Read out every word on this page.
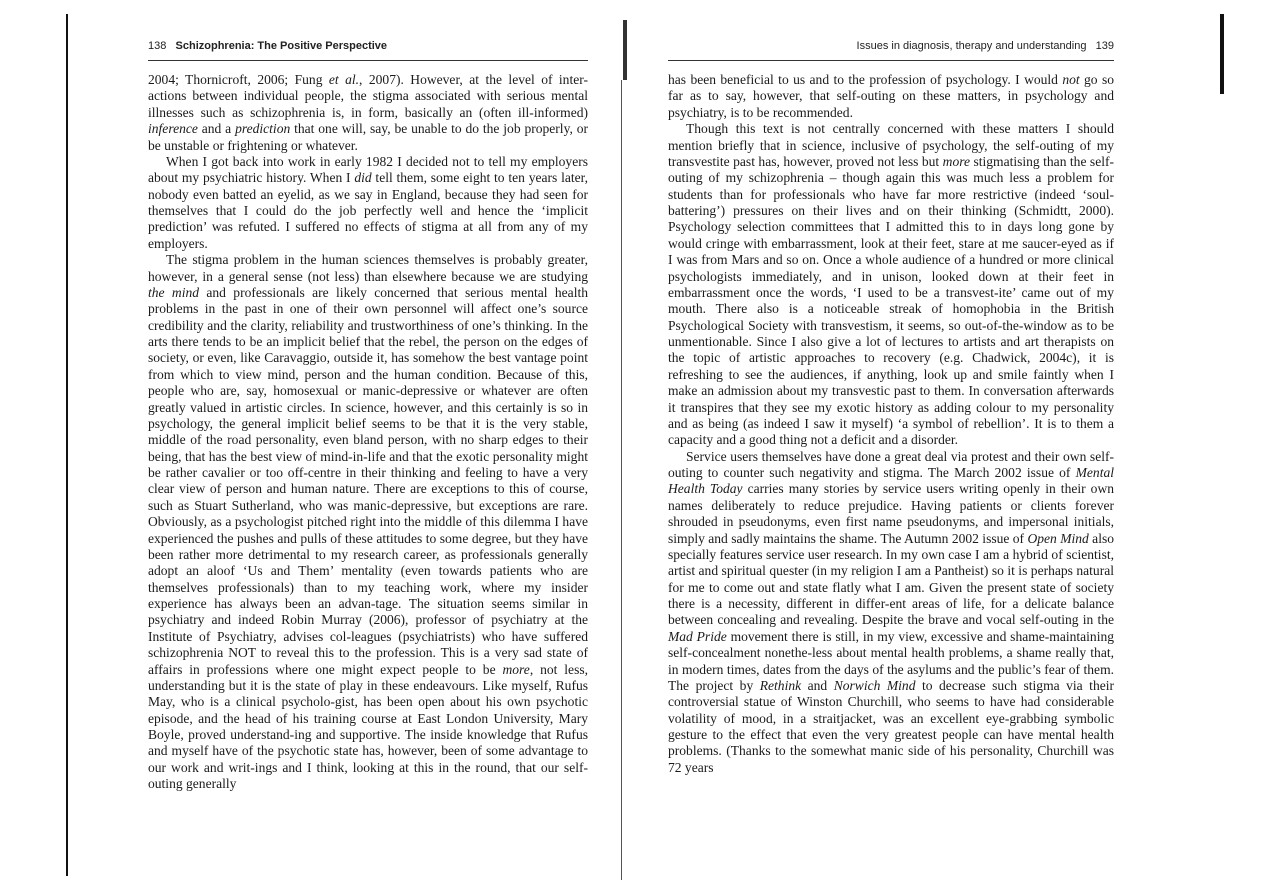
138 Schizophrenia: The Positive Perspective

2004; Thornicroft, 2006; Fung et al., 2007). However, at the level of inter-actions between individual people, the stigma associated with serious mental illnesses such as schizophrenia is, in form, basically an (often ill-informed) inference and a prediction that one will, say, be unable to do the job properly, or be unstable or frightening or whatever.

When I got back into work in early 1982 I decided not to tell my employers about my psychiatric history. When I did tell them, some eight to ten years later, nobody even batted an eyelid, as we say in England, because they had seen for themselves that I could do the job perfectly well and hence the ‘implicit prediction’ was refuted. I suffered no effects of stigma at all from any of my employers.

The stigma problem in the human sciences themselves is probably greater, however, in a general sense (not less) than elsewhere because we are studying the mind and professionals are likely concerned that serious mental health problems in the past in one of their own personnel will affect one’s source credibility and the clarity, reliability and trustworthiness of one’s thinking. In the arts there tends to be an implicit belief that the rebel, the person on the edges of society, or even, like Caravaggio, outside it, has somehow the best vantage point from which to view mind, person and the human condition. Because of this, people who are, say, homosexual or manic-depressive or whatever are often greatly valued in artistic circles. In science, however, and this certainly is so in psychology, the general implicit belief seems to be that it is the very stable, middle of the road personality, even bland person, with no sharp edges to their being, that has the best view of mind-in-life and that the exotic personality might be rather cavalier or too off-centre in their thinking and feeling to have a very clear view of person and human nature. There are exceptions to this of course, such as Stuart Sutherland, who was manic-depressive, but exceptions are rare. Obviously, as a psychologist pitched right into the middle of this dilemma I have experienced the pushes and pulls of these attitudes to some degree, but they have been rather more detrimental to my research career, as professionals generally adopt an aloof ‘Us and Them’ mentality (even towards patients who are themselves professionals) than to my teaching work, where my insider experience has always been an advan-tage. The situation seems similar in psychiatry and indeed Robin Murray (2006), professor of psychiatry at the Institute of Psychiatry, advises col-leagues (psychiatrists) who have suffered schizophrenia NOT to reveal this to the profession. This is a very sad state of affairs in professions where one might expect people to be more, not less, understanding but it is the state of play in these endeavours. Like myself, Rufus May, who is a clinical psycholo-gist, has been open about his own psychotic episode, and the head of his training course at East London University, Mary Boyle, proved understand-ing and supportive. The inside knowledge that Rufus and myself have of the psychotic state has, however, been of some advantage to our work and writ-ings and I think, looking at this in the round, that our self-outing generally

Issues in diagnosis, therapy and understanding 139

has been beneficial to us and to the profession of psychology. I would not go so far as to say, however, that self-outing on these matters, in psychology and psychiatry, is to be recommended.

Though this text is not centrally concerned with these matters I should mention briefly that in science, inclusive of psychology, the self-outing of my transvestite past has, however, proved not less but more stigmatising than the self-outing of my schizophrenia – though again this was much less a problem for students than for professionals who have far more restrictive (indeed ‘soul-battering’) pressures on their lives and on their thinking (Schmidtt, 2000). Psychology selection committees that I admitted this to in days long gone by would cringe with embarrassment, look at their feet, stare at me saucer-eyed as if I was from Mars and so on. Once a whole audience of a hundred or more clinical psychologists immediately, and in unison, looked down at their feet in embarrassment once the words, ‘I used to be a transvest-ite’ came out of my mouth. There also is a noticeable streak of homophobia in the British Psychological Society with transvestism, it seems, so out-of-the-window as to be unmentionable. Since I also give a lot of lectures to artists and art therapists on the topic of artistic approaches to recovery (e.g. Chadwick, 2004c), it is refreshing to see the audiences, if anything, look up and smile faintly when I make an admission about my transvestic past to them. In conversation afterwards it transpires that they see my exotic history as adding colour to my personality and as being (as indeed I saw it myself) ‘a symbol of rebellion’. It is to them a capacity and a good thing not a deficit and a disorder.

Service users themselves have done a great deal via protest and their own self-outing to counter such negativity and stigma. The March 2002 issue of Mental Health Today carries many stories by service users writing openly in their own names deliberately to reduce prejudice. Having patients or clients forever shrouded in pseudonyms, even first name pseudonyms, and impersonal initials, simply and sadly maintains the shame. The Autumn 2002 issue of Open Mind also specially features service user research. In my own case I am a hybrid of scientist, artist and spiritual quester (in my religion I am a Pantheist) so it is perhaps natural for me to come out and state flatly what I am. Given the present state of society there is a necessity, different in differ-ent areas of life, for a delicate balance between concealing and revealing. Despite the brave and vocal self-outing in the Mad Pride movement there is still, in my view, excessive and shame-maintaining self-concealment nonethe-less about mental health problems, a shame really that, in modern times, dates from the days of the asylums and the public’s fear of them. The project by Rethink and Norwich Mind to decrease such stigma via their controversial statue of Winston Churchill, who seems to have had considerable volatility of mood, in a straitjacket, was an excellent eye-grabbing symbolic gesture to the effect that even the very greatest people can have mental health problems. (Thanks to the somewhat manic side of his personality, Churchill was 72 years
